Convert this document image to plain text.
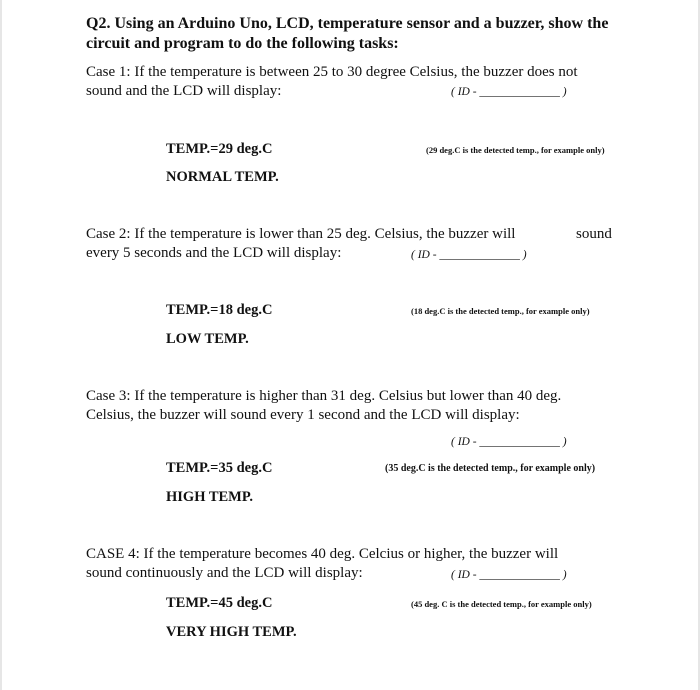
Q2. Using an Arduino Uno, LCD, temperature sensor and a buzzer, show the
circuit and program to do the following tasks:
Case 1: If the temperature is between 25 to 30 degree Celsius, the buzzer does not
sound and the LCD will display:	( ID - ______________ )
TEMP.=29 deg.C	(29 deg.C is the detected temp., for example only)
NORMAL TEMP.
Case 2: If the temperature is lower than 25 deg. Celsius, the buzzer will	sound
every 5 seconds and the LCD will display:	( ID - ______________ )
TEMP.=18 deg.C	(18 deg.C is the detected temp., for example only)
LOW TEMP.
Case 3: If the temperature is higher than 31 deg. Celsius but lower than 40 deg.
Celsius, the buzzer will sound every 1 second and the LCD will display:
( ID - ______________ )
TEMP.=35 deg.C	(35 deg.C is the detected temp., for example only)
HIGH TEMP.
CASE 4: If the temperature becomes 40 deg. Celcius or higher, the buzzer will
sound continuously and the LCD will display:	( ID - ______________ )
TEMP.=45 deg.C	(45 deg. C is the detected temp., for example only)
VERY HIGH TEMP.
